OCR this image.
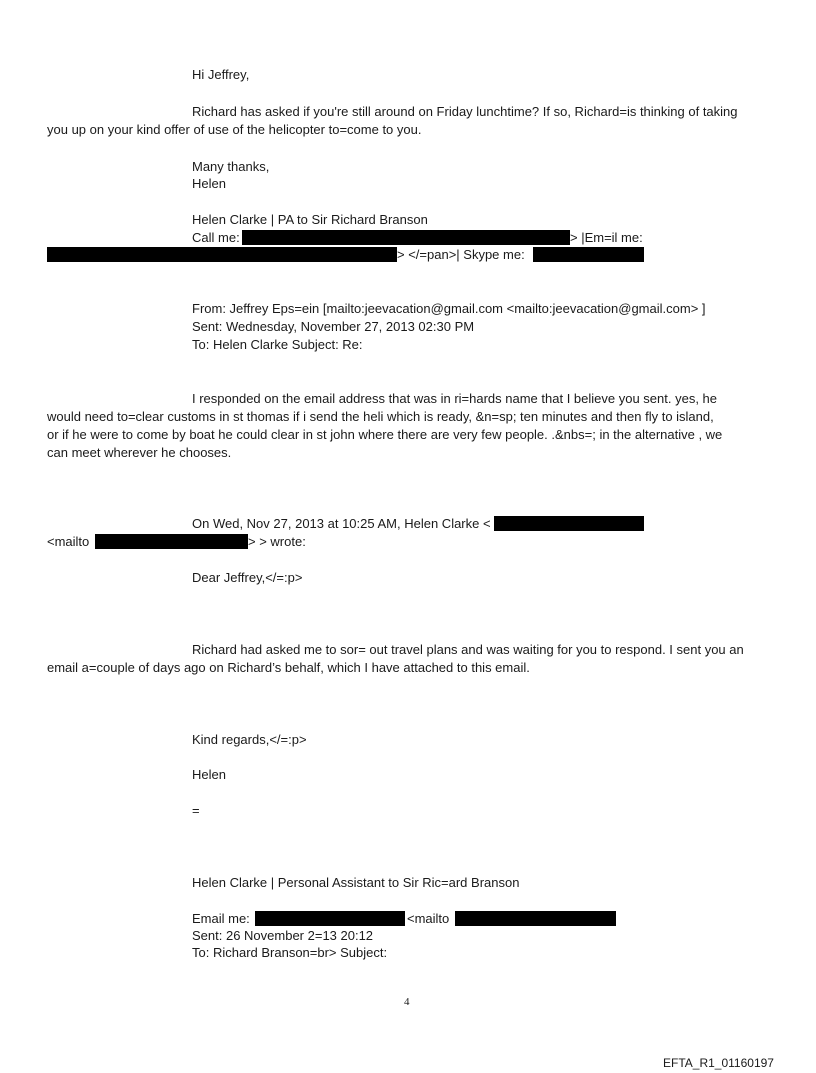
Hi Jeffrey,
Richard has asked if you're still around on Friday lunchtime? If so, Richard=is thinking of taking
you up on your kind offer of use of the helicopter to=come to you.
Many thanks,
Helen
Helen Clarke | PA to Sir Richard Branson
Call me:	> |Em=il me:
> </=pan>| Skype me:
From: Jeffrey Eps=ein [mailto:jeevacation@gmail.com <mailto:jeevacation@gmail.com> ]
Sent: Wednesday, November 27, 2013 02:30 PM
To: Helen Clarke Subject: Re:
I responded on the email address that was in ri=hards name that I believe you sent. yes, he
would need to=clear customs in st thomas if i send the heli which is ready, &n=sp; ten minutes and then fly to island,
or if he were to come by boat he could clear in st john where there are very few people. .&nbs=; in the alternative , we
can meet wherever he chooses.
On Wed, Nov 27, 2013 at 10:25 AM, Helen Clarke <
<mailto	> > wrote:
Dear Jeffrey,</=:p>
Richard had asked me to sor= out travel plans and was waiting for you to respond. I sent you an
email a=couple of days ago on Richard’s behalf, which I have attached to this email.
Kind regards,</=:p>
Helen
=
Helen Clarke | Personal Assistant to Sir Ric=ard Branson
Email me:	<mailto
Sent: 26 November 2=13 20:12
To: Richard Branson=br> Subject:
4
EFTA_R1_01160197
